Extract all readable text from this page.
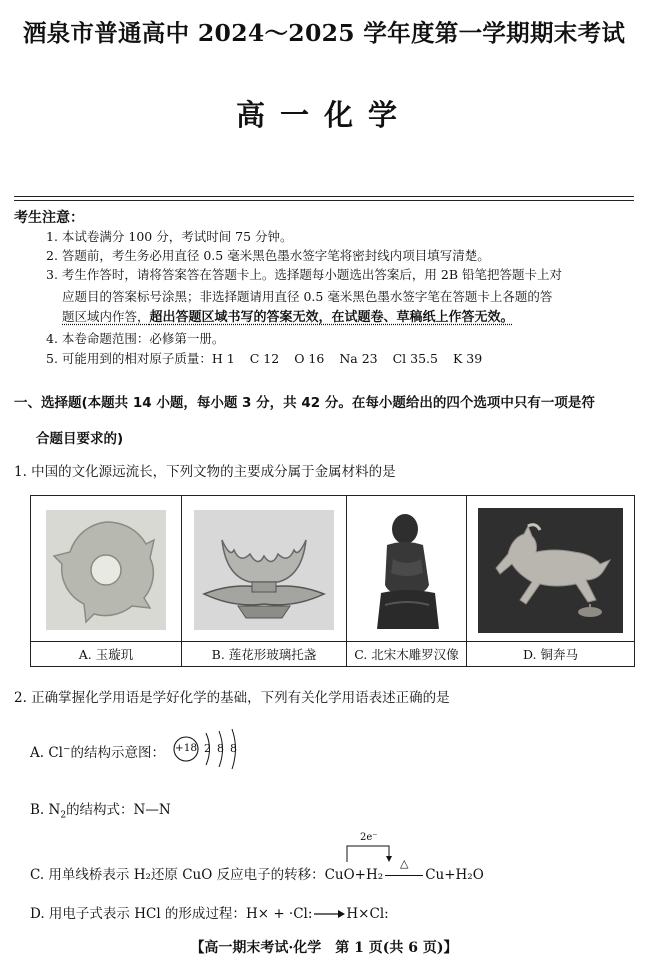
酒泉市普通高中 2024～2025 学年度第一学期期末考试
高一化学
考生注意：
1. 本试卷满分 100 分，考试时间 75 分钟。
2. 答题前，考生务必用直径 0.5 毫米黑色墨水签字笔将密封线内项目填写清楚。
3. 考生作答时，请将答案答在答题卡上。选择题每小题选出答案后，用 2B 铅笔把答题卡上对
应题目的答案标号涂黑；非选择题请用直径 0.5 毫米黑色墨水签字笔在答题卡上各题的答
题区域内作答，超出答题区域书写的答案无效，在试题卷、草稿纸上作答无效。
4. 本卷命题范围：必修第一册。
5. 可能用到的相对原子质量：H 1 C 12 O 16 Na 23 Cl 35.5 K 39
一、选择题(本题共 14 小题，每小题 3 分，共 42 分。在每小题给出的四个选项中只有一项是符
合题目要求的)
1. 中国的文化源远流长，下列文物的主要成分属于金属材料的是
A. 玉璇玑	B. 莲花形玻璃托盏	C. 北宋木雕罗汉像	D. 铜奔马
2. 正确掌握化学用语是学好化学的基础，下列有关化学用语表述正确的是
A. Cl−的结构示意图： +18 2 8 8
B. $N_2$的结构式：N—N
2e⁻
C. 用单线桥表示 H₂还原 CuO 反应电子的转移：CuO+H₂
△
Cu+H₂O
D. 用电子式表示 HCl 的形成过程：H× + ·Cl:	H×Cl:
【高一期末考试·化学　第 1 页(共 6 页)】
